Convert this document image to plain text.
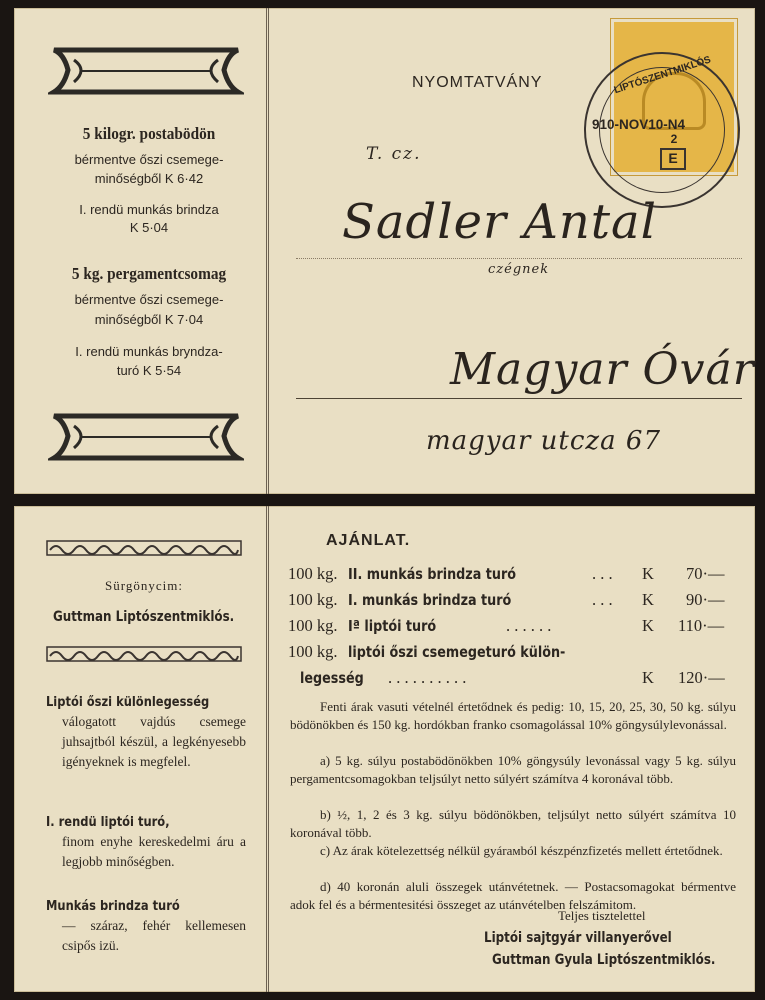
5 kilogr. postabödön
bérmentve őszi csemege-
minőségből K 6·42
I. rendü munkás brindza
K 5·04
5 kg. pergamentcsomag
bérmentve őszi csemege-
minőségből K 7·04
I. rendü munkás bryndza-
turó K 5·54
NYOMTATVÁNY	LIPTÓSZENTMIKLÓS
910-NOV10-N4
2
E
T. cz.
Sadler Antal
czégnek
Magyar Óvár
magyar utcza 67
Sürgönycim:
Guttman Liptószentmiklós.
Liptói őszi különlegesség
válogatott vajdús csemege juhsajtból készül, a legkényesebb igényeknek is megfelel.
I. rendü liptói turó,
finom enyhe kereskedelmi áru a legjobb minőségben.
Munkás brindza turó
— száraz, fehér kellemesen csipős izü.
AJÁNLAT.
100 kg. II. munkás brindza turó	. . . K 70·—
100 kg. I. munkás brindza turó	. . . K 90·—
100 kg. Iª liptói turó	. . . . . .	K 110·—
100 kg. liptói őszi csemegeturó külön-
legesség . . . . . . . . . .	K 120·—
Fenti árak vasuti vételnél értetődnek és pedig: 10, 15, 20, 25, 30, 50 kg. súlyu bödönökben és 150 kg. hordókban franko csomagolással 10% göngysúlylevonással.
a) 5 kg. súlyu postabödönökben 10% göngysúly levonással vagy 5 kg. súlyu pergamentcsomagokban teljsúlyt netto súlyért számítva 4 koronával több.
b) ½, 1, 2 és 3 kg. súlyu bödönökben, teljsúlyt netto súlyért számítva 10 koronával több.
c) Az árak kötelezettség nélkül gyárамból készpénzfizetés mellett értetődnek.
d) 40 koronán aluli összegek utánvétetnek. — Postacsomagokat bérmentve adok fel és a bérmentesitési összeget az utánvételben felszámitom.
Teljes tisztelettel
Liptói sajtgyár villanyerővel
Guttman Gyula Liptószentmiklós.
